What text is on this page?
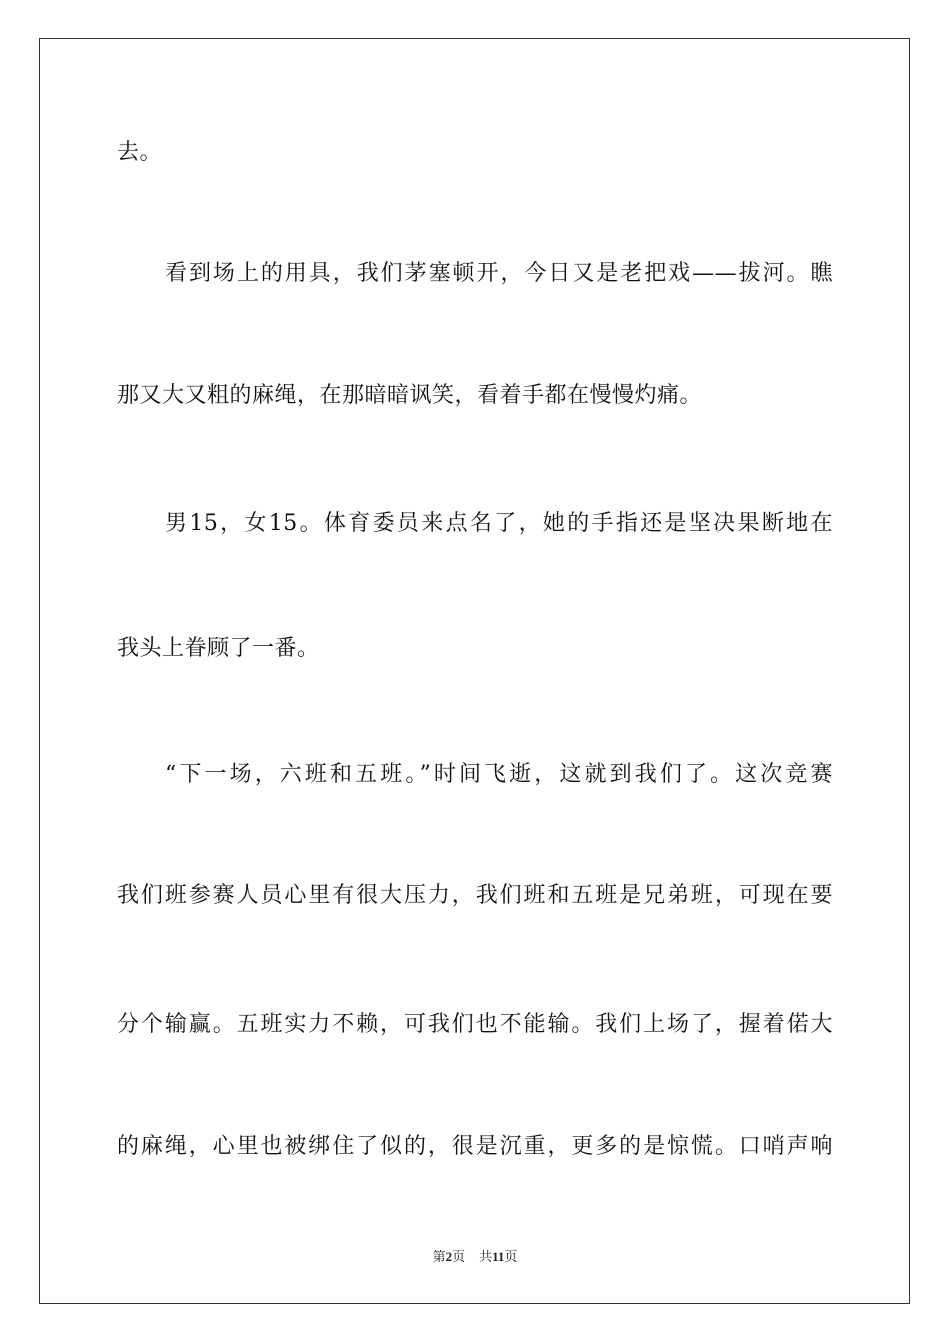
去。
看到场上的用具，我们茅塞顿开，今日又是老把戏——拔河。瞧
那又大又粗的麻绳，在那暗暗讽笑，看着手都在慢慢灼痛。
男15，女15。体育委员来点名了，她的手指还是坚决果断地在
我头上眷顾了一番。
“下一场，六班和五班。”时间飞逝，这就到我们了。这次竞赛
我们班参赛人员心里有很大压力，我们班和五班是兄弟班，可现在要
分个输赢。五班实力不赖，可我们也不能输。我们上场了，握着偌大
的麻绳，心里也被绑住了似的，很是沉重，更多的是惊慌。口哨声响
第2页 共11页
